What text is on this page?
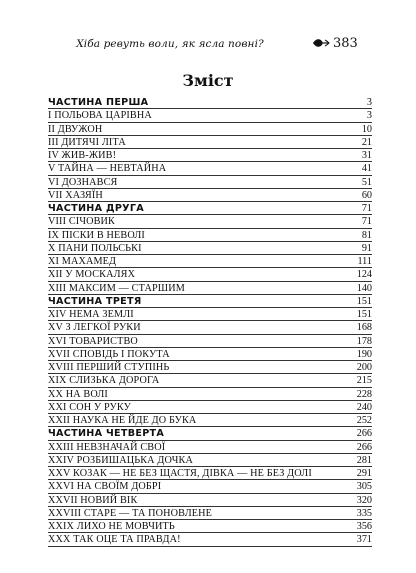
Хіба ревуть воли, як ясла повні?	383
Зміст
ЧАСТИНА ПЕРША	3
І ПОЛЬОВА ЦАРІВНА	3
ІІ ДВУЖОН	10
ІІІ ДИТЯЧІ ЛІТА	21
ІV ЖИВ-ЖИВ!	31
V ТАЙНА — НЕВТАЙНА	41
VІ ДОЗНАВСЯ	51
VІІ ХАЗЯЇН	60
ЧАСТИНА ДРУГА	71
VIII СІЧОВИК	71
ІХ ПІСКИ В НЕВОЛІ	81
Х ПАНИ ПОЛЬСЬКІ	91
ХІ МАХАМЕД	111
ХІІ У МОСКАЛЯХ	124
ХІІІ МАКСИМ — СТАРШИМ	140
ЧАСТИНА ТРЕТЯ	151
ХІV НЕМА ЗЕМЛІ	151
ХV З ЛЕГКОЇ РУКИ	168
ХVІ ТОВАРИСТВО	178
ХVІІ СПОВІДЬ І ПОКУТА	190
ХVІІІ ПЕРШИЙ СТУПІНЬ	200
ХІХ СЛИЗЬКА ДОРОГА	215
ХХ НА ВОЛІ	228
ХХІ СОН У РУКУ	240
ХХІІ НАУКА НЕ ЙДЕ ДО БУКА	252
ЧАСТИНА ЧЕТВЕРТА	266
ХХІІІ НЕВЗНАЧАЙ СВОЇ	266
ХХІV РОЗБИШАЦЬКА ДОЧКА	281
ХХV КОЗАК — НЕ БЕЗ ЩАСТЯ, ДІВКА — НЕ БЕЗ ДОЛІ	291
ХХVІ НА СВОЇМ ДОБРІ	305
ХХVІІ НОВИЙ ВІК	320
ХХVІІІ СТАРЕ — ТА ПОНОВЛЕНЕ	335
ХХІХ ЛИХО НЕ МОВЧИТЬ	356
ХХХ ТАК ОЦЕ ТА ПРАВДА!	371
